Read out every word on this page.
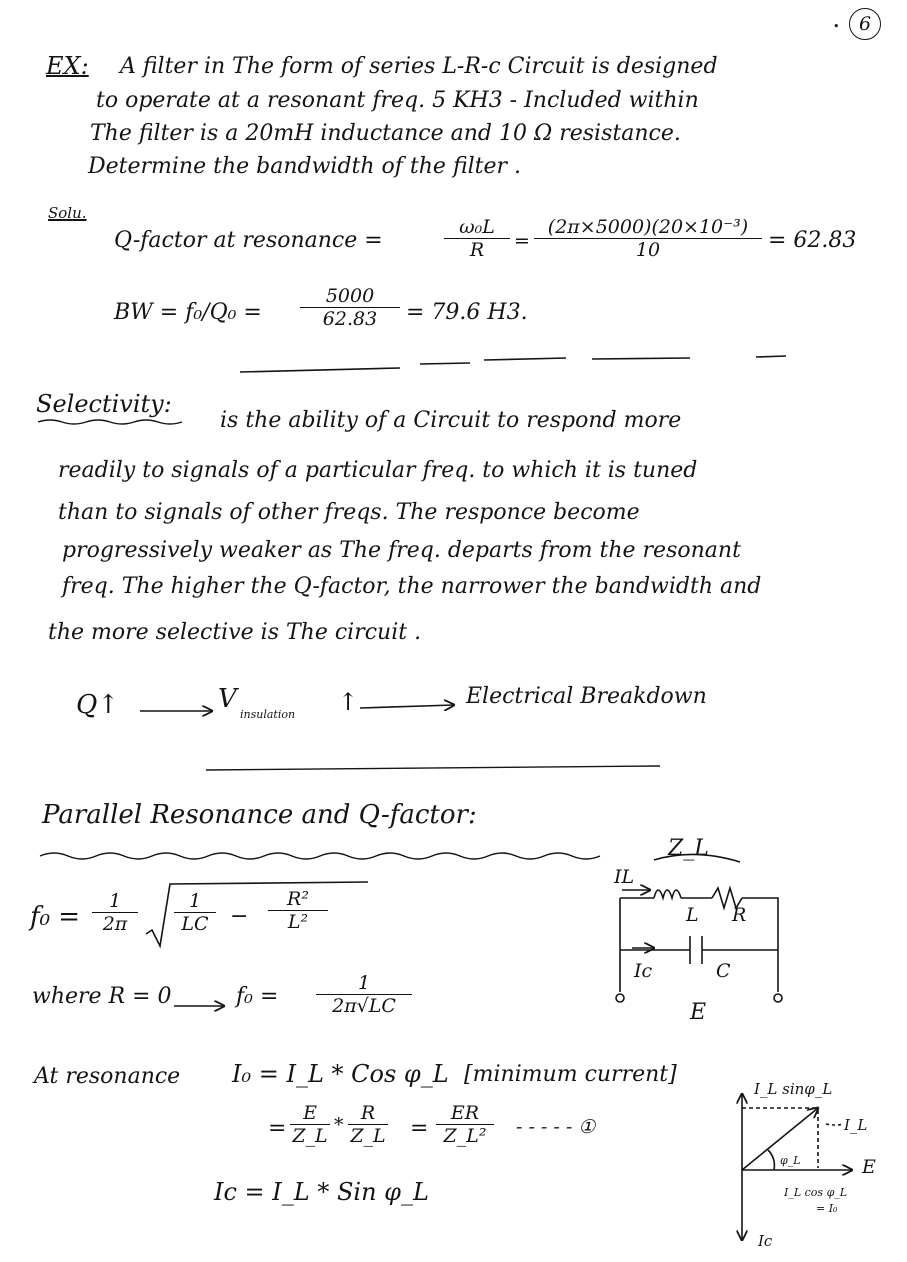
6
•
EX: A filter in The form of series L-R-c Circuit is designed
to operate at a resonant freq. 5 KH3 - Included within
The filter is a 20mH inductance and 10 Ω resistance.
Determine the bandwidth of the filter .
Solu.
Q-factor at resonance =	$\frac{\text{ω₀L}}{R} = \frac{\text{(2π×5000)(20×10⁻³)}}{10} = 62.83$
BW = $f_0/Q_0 = \frac{5000}{62.83} = 79.6$ H3.
Selectivity:
is the ability of a Circuit to respond more
readily to signals of a particular freq. to which it is tuned
than to signals of other freqs. The responce become
progressively weaker as The freq. departs from the resonant
freq. The higher the Q-factor, the narrower the bandwidth and
the more selective is The circuit .
Q↑	V
insulation ↑	Electrical Breakdown
Parallel Resonance and Q-factor:
$f_0 = \frac{1}{2\pi} \frac{1}{LC} - \frac{\text{R²}}{\text{L²}}$
where R = 0	$f_0 = \frac{1}{2\pi√LC}$
At resonance I₀ = I_L * Cos φ_L [minimum current]
= $\frac{E}{Z\_L} * \frac{R}{Z\_L} = \frac{ER}{\text{Z\_L²}}$ - - - - - ①
Ic = I_L * Sin φ_L
Z_L
IL
L R
Ic	C
E
I_L sinφ_L
I_L
φ_L	E
I_L cos φ_L
= I₀
Ic
